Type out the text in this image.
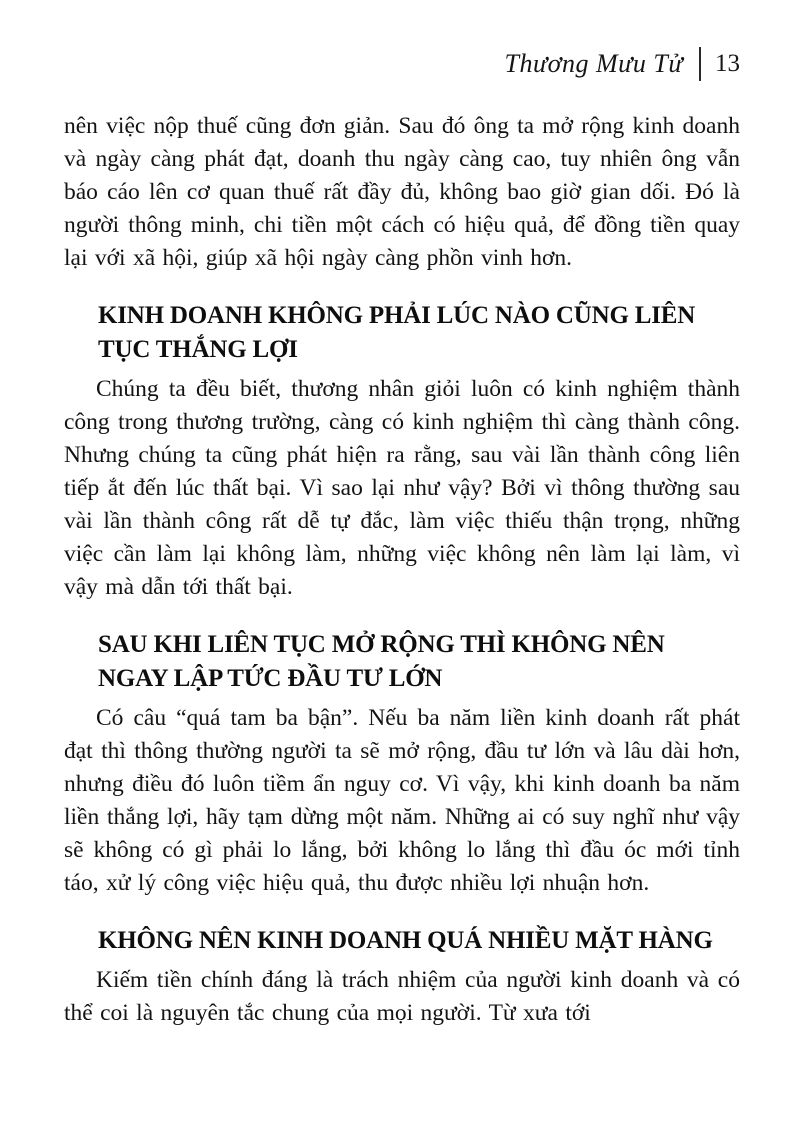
Thương Mưu Tử 13

nên việc nộp thuế cũng đơn giản. Sau đó ông ta mở rộng kinh doanh và ngày càng phát đạt, doanh thu ngày càng cao, tuy nhiên ông vẫn báo cáo lên cơ quan thuế rất đầy đủ, không bao giờ gian dối. Đó là người thông minh, chi tiền một cách có hiệu quả, để đồng tiền quay lại với xã hội, giúp xã hội ngày càng phồn vinh hơn.

KINH DOANH KHÔNG PHẢI LÚC NÀO CŨNG LIÊN
TỤC THẮNG LỢI

Chúng ta đều biết, thương nhân giỏi luôn có kinh nghiệm thành công trong thương trường, càng có kinh nghiệm thì càng thành công. Nhưng chúng ta cũng phát hiện ra rằng, sau vài lần thành công liên tiếp ắt đến lúc thất bại. Vì sao lại như vậy? Bởi vì thông thường sau vài lần thành công rất dễ tự đắc, làm việc thiếu thận trọng, những việc cần làm lại không làm, những việc không nên làm lại làm, vì vậy mà dẫn tới thất bại.

SAU KHI LIÊN TỤC MỞ RỘNG THÌ KHÔNG NÊN
NGAY LẬP TỨC ĐẦU TƯ LỚN

Có câu “quá tam ba bận”. Nếu ba năm liền kinh doanh rất phát đạt thì thông thường người ta sẽ mở rộng, đầu tư lớn và lâu dài hơn, nhưng điều đó luôn tiềm ẩn nguy cơ. Vì vậy, khi kinh doanh ba năm liền thắng lợi, hãy tạm dừng một năm. Những ai có suy nghĩ như vậy sẽ không có gì phải lo lắng, bởi không lo lắng thì đầu óc mới tỉnh táo, xử lý công việc hiệu quả, thu được nhiều lợi nhuận hơn.

KHÔNG NÊN KINH DOANH QUÁ NHIỀU MẶT HÀNG

Kiếm tiền chính đáng là trách nhiệm của người kinh doanh và có thể coi là nguyên tắc chung của mọi người. Từ xưa tới
